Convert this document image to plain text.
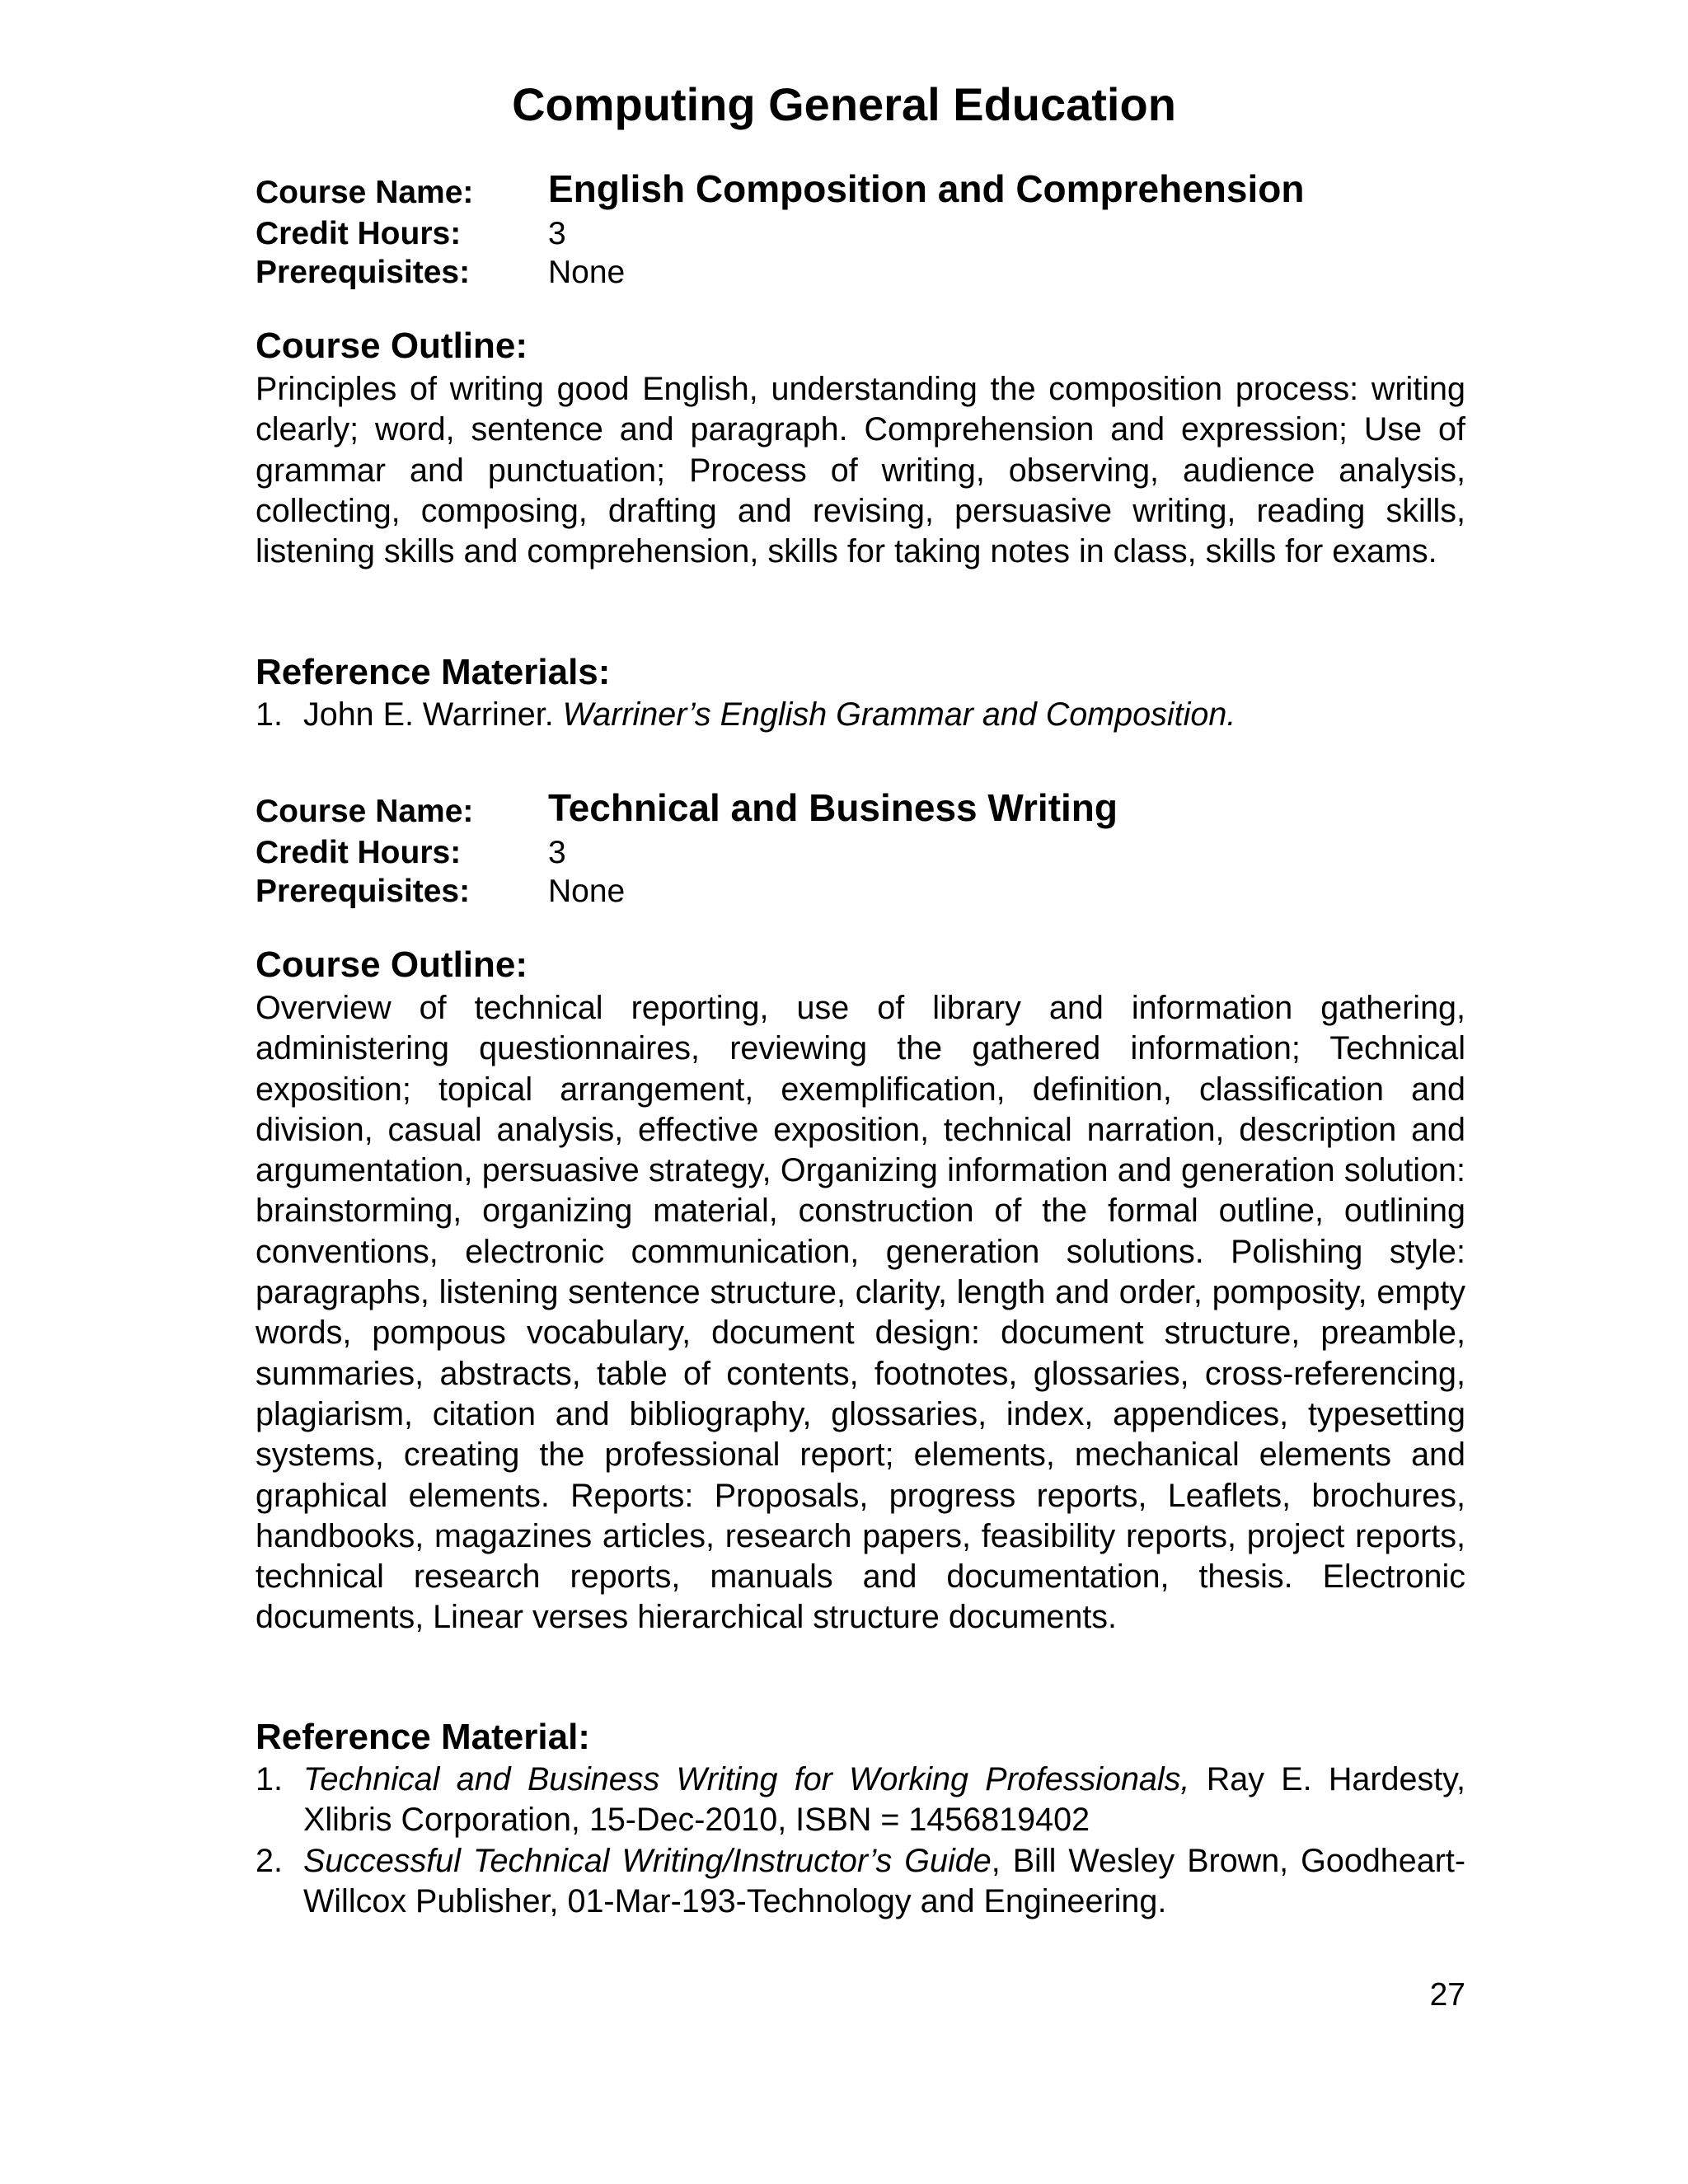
Computing General Education
Course Name: English Composition and Comprehension
Credit Hours:	3
Prerequisites: None
Course Outline:
Principles of writing good English, understanding the composition process: writing clearly; word, sentence and paragraph. Comprehension and expression; Use of grammar and punctuation; Process of writing, observing, audience analysis, collecting, composing, drafting and revising, persuasive writing, reading skills, listening skills and comprehension, skills for taking notes in class, skills for exams.
Reference Materials:
1. John E. Warriner. Warriner’s English Grammar and Composition.
Course Name: Technical and Business Writing
Credit Hours:	3
Prerequisites: None
Course Outline:
Overview of technical reporting, use of library and information gathering, administering questionnaires, reviewing the gathered information; Technical exposition; topical arrangement, exemplification, definition, classification and division, casual analysis, effective exposition, technical narration, description and argumentation, persuasive strategy, Organizing information and generation solution: brainstorming, organizing material, construction of the formal outline, outlining conventions, electronic communication, generation solutions. Polishing style: paragraphs, listening sentence structure, clarity, length and order, pomposity, empty words, pompous vocabulary, document design: document structure, preamble, summaries, abstracts, table of contents, footnotes, glossaries, cross-referencing, plagiarism, citation and bibliography, glossaries, index, appendices, typesetting systems, creating the professional report; elements, mechanical elements and graphical elements. Reports: Proposals, progress reports, Leaflets, brochures, handbooks, magazines articles, research papers, feasibility reports, project reports, technical research reports, manuals and documentation, thesis. Electronic documents, Linear verses hierarchical structure documents.
Reference Material:
1. Technical and Business Writing for Working Professionals, Ray E. Hardesty, Xlibris Corporation, 15-Dec-2010, ISBN = 1456819402
2. Successful Technical Writing/Instructor’s Guide, Bill Wesley Brown, Goodheart-Willcox Publisher, 01-Mar-193-Technology and Engineering.
27
